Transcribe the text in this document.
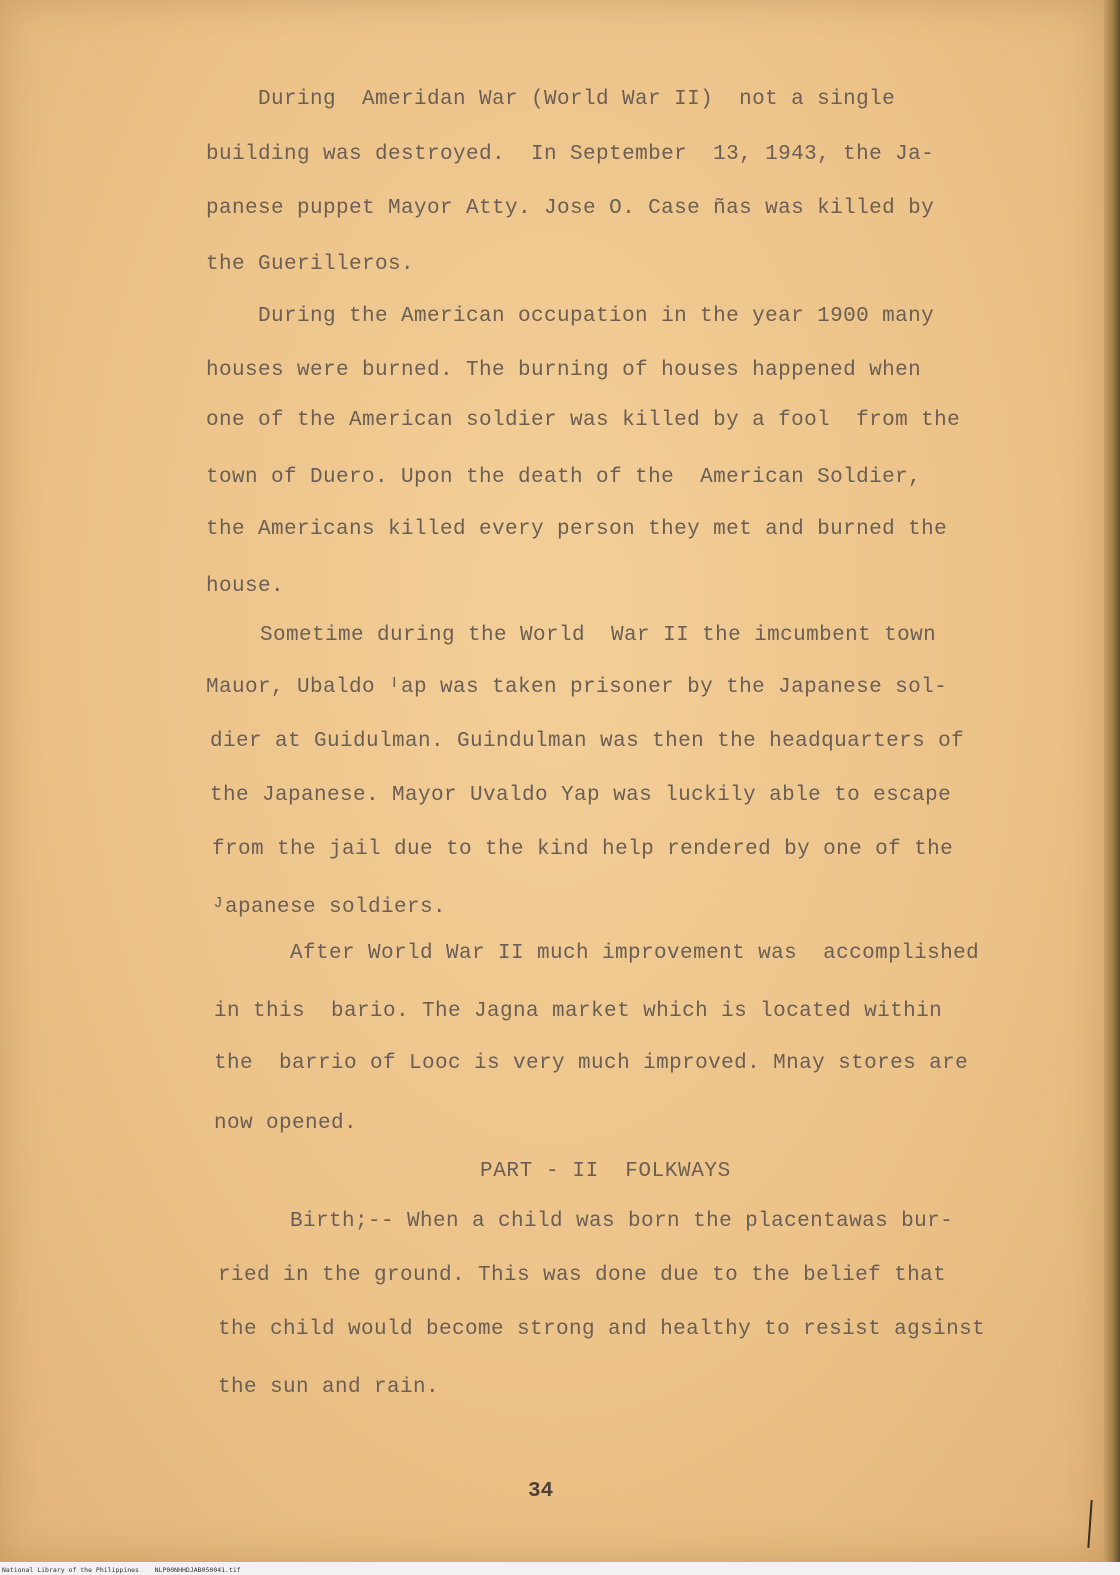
During  Ameridan War (World War II)  not a single
building was destroyed.  In September  13, 1943, the Ja-
panese puppet Mayor Atty. Jose O. Case ñas was killed by
the Guerilleros.
During the American occupation in the year 1900 many
houses were burned. The burning of houses happened when
one of the American soldier was killed by a fool  from the
town of Duero. Upon the death of the  American Soldier,
the Americans killed every person they met and burned the
house.
Sometime during the World  War II the imcumbent town
Mauor, Ubaldo ᴵap was taken prisoner by the Japanese sol-
dier at Guidulman. Guindulman was then the headquarters of
the Japanese. Mayor Uvaldo Yap was luckily able to escape
from the jail due to the kind help rendered by one of the
ᴶapanese soldiers.
After World War II much improvement was  accomplished
in this  bario. The Jagna market which is located within
the  barrio of Looc is very much improved. Mnay stores are
now opened.
PART - II  FOLKWAYS
Birth;-- When a child was born the placentawas bur-
ried in the ground. This was done due to the belief that
the child would become strong and healthy to resist agsinst
the sun and rain.
34
National Library of the Philippines    NLP00NHHDJAB050041.tif
